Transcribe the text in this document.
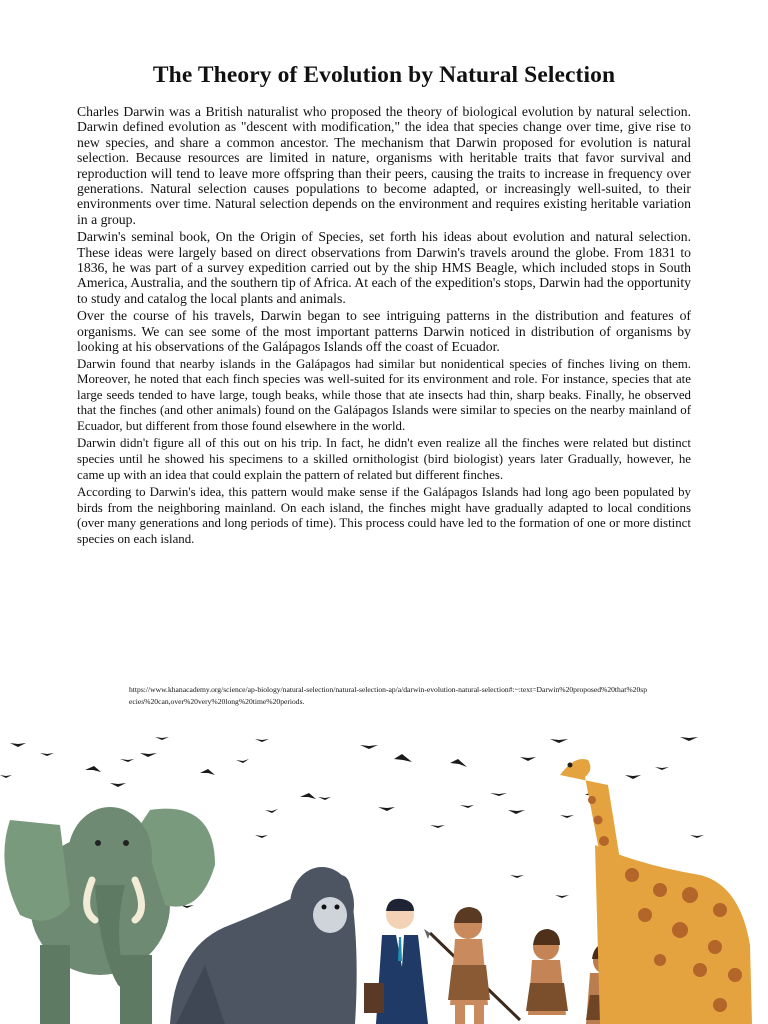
The Theory of Evolution by Natural Selection

Charles Darwin was a British naturalist who proposed the theory of biological evolution by natural selection. Darwin defined evolution as "descent with modification," the idea that species change over time, give rise to new species, and share a common ancestor. The mechanism that Darwin proposed for evolution is natural selection. Because resources are limited in nature, organisms with heritable traits that favor survival and reproduction will tend to leave more offspring than their peers, causing the traits to increase in frequency over generations. Natural selection causes populations to become adapted, or increasingly well-suited, to their environments over time. Natural selection depends on the environment and requires existing heritable variation in a group.

Darwin's seminal book, On the Origin of Species, set forth his ideas about evolution and natural selection. These ideas were largely based on direct observations from Darwin's travels around the globe. From 1831 to 1836, he was part of a survey expedition carried out by the ship HMS Beagle, which included stops in South America, Australia, and the southern tip of Africa. At each of the expedition's stops, Darwin had the opportunity to study and catalog the local plants and animals.

Over the course of his travels, Darwin began to see intriguing patterns in the distribution and features of organisms. We can see some of the most important patterns Darwin noticed in distribution of organisms by looking at his observations of the Galápagos Islands off the coast of Ecuador.

Darwin found that nearby islands in the Galápagos had similar but nonidentical species of finches living on them. Moreover, he noted that each finch species was well-suited for its environment and role. For instance, species that ate large seeds tended to have large, tough beaks, while those that ate insects had thin, sharp beaks. Finally, he observed that the finches (and other animals) found on the Galápagos Islands were similar to species on the nearby mainland of Ecuador, but different from those found elsewhere in the world.

Darwin didn't figure all of this out on his trip. In fact, he didn't even realize all the finches were related but distinct species until he showed his specimens to a skilled ornithologist (bird biologist) years later Gradually, however, he came up with an idea that could explain the pattern of related but different finches.

According to Darwin's idea, this pattern would make sense if the Galápagos Islands had long ago been populated by birds from the neighboring mainland. On each island, the finches might have gradually adapted to local conditions (over many generations and long periods of time). This process could have led to the formation of one or more distinct species on each island.

https://www.khanacademy.org/science/ap-biology/natural-selection/natural-selection-ap/a/darwin-evolution-natural-selection#:~:text=Darwin%20proposed%20that%20species%20can,over%20very%20long%20time%20periods.
